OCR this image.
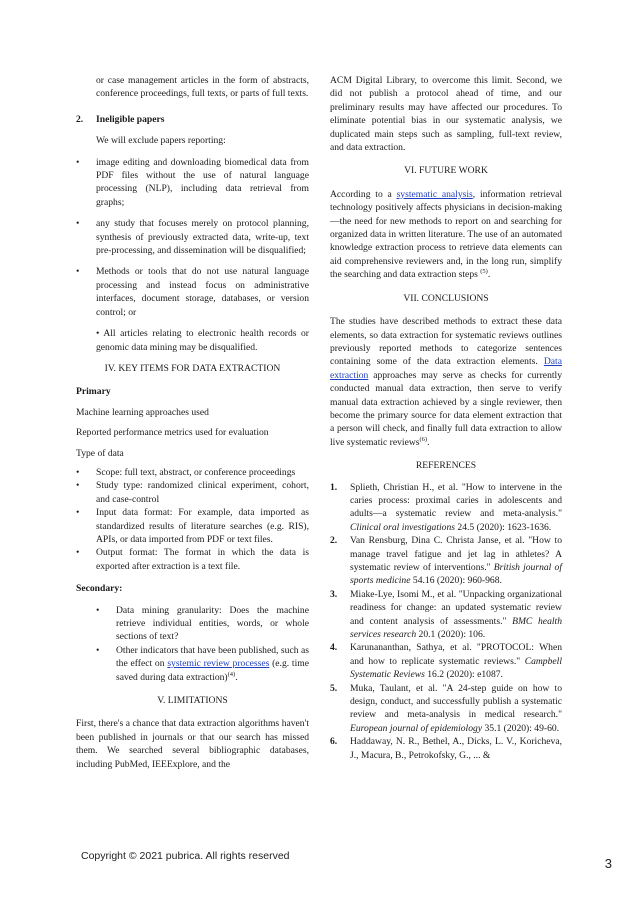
or case management articles in the form of abstracts, conference proceedings, full texts, or parts of full texts.

2.	Ineligible papers

We will exclude papers reporting:

•	image editing and downloading biomedical data from PDF files without the use of natural language processing (NLP), including data retrieval from graphs;
•	any study that focuses merely on protocol planning, synthesis of previously extracted data, write-up, text pre-processing, and dissemination will be disqualified;
•	Methods or tools that do not use natural language processing and instead focus on administrative interfaces, document storage, databases, or version control; or

• All articles relating to electronic health records or genomic data mining may be disqualified.

IV. KEY ITEMS FOR DATA EXTRACTION

Primary

Machine learning approaches used

Reported performance metrics used for evaluation

Type of data

•	Scope: full text, abstract, or conference proceedings
•	Study type: randomized clinical experiment, cohort, and case-control
•	Input data format: For example, data imported as standardized results of literature searches (e.g. RIS), APIs, or data imported from PDF or text files.
•	Output format: The format in which the data is exported after extraction is a text file.

Secondary:

•	Data mining granularity: Does the machine retrieve individual entities, words, or whole sections of text?
•	Other indicators that have been published, such as the effect on systemic review processes (e.g. time saved during data extraction)$^{(4)}$.

V. LIMITATIONS

First, there's a chance that data extraction algorithms haven't been published in journals or that our search has missed them. We searched several bibliographic databases, including PubMed, IEEExplore, and the

ACM Digital Library, to overcome this limit. Second, we did not publish a protocol ahead of time, and our preliminary results may have affected our procedures. To eliminate potential bias in our systematic analysis, we duplicated main steps such as sampling, full-text review, and data extraction.

VI. FUTURE WORK

According to a systematic analysis, information retrieval technology positively affects physicians in decision-making—the need for new methods to report on and searching for organized data in written literature. The use of an automated knowledge extraction process to retrieve data elements can aid comprehensive reviewers and, in the long run, simplify the searching and data extraction steps $^{(5)}$.

VII. CONCLUSIONS

The studies have described methods to extract these data elements, so data extraction for systematic reviews outlines previously reported methods to categorize sentences containing some of the data extraction elements. Data extraction approaches may serve as checks for currently conducted manual data extraction, then serve to verify manual data extraction achieved by a single reviewer, then become the primary source for data element extraction that a person will check, and finally full data extraction to allow live systematic reviews$^{(6)}$.

REFERENCES

1.	Splieth, Christian H., et al. "How to intervene in the caries process: proximal caries in adolescents and adults—a systematic review and meta-analysis." Clinical oral investigations 24.5 (2020): 1623-1636.
2.	Van Rensburg, Dina C. Christa Janse, et al. "How to manage travel fatigue and jet lag in athletes? A systematic review of interventions." British journal of sports medicine 54.16 (2020): 960-968.
3.	Miake-Lye, Isomi M., et al. "Unpacking organizational readiness for change: an updated systematic review and content analysis of assessments." BMC health services research 20.1 (2020): 106.
4.	Karunananthan, Sathya, et al. "PROTOCOL: When and how to replicate systematic reviews." Campbell Systematic Reviews 16.2 (2020): e1087.
5.	Muka, Taulant, et al. "A 24-step guide on how to design, conduct, and successfully publish a systematic review and meta-analysis in medical research." European journal of epidemiology 35.1 (2020): 49-60.
6.	Haddaway, N. R., Bethel, A., Dicks, L. V., Koricheva, J., Macura, B., Petrokofsky, G., ... &
Copyright © 2021 pubrica. All rights reserved	3
